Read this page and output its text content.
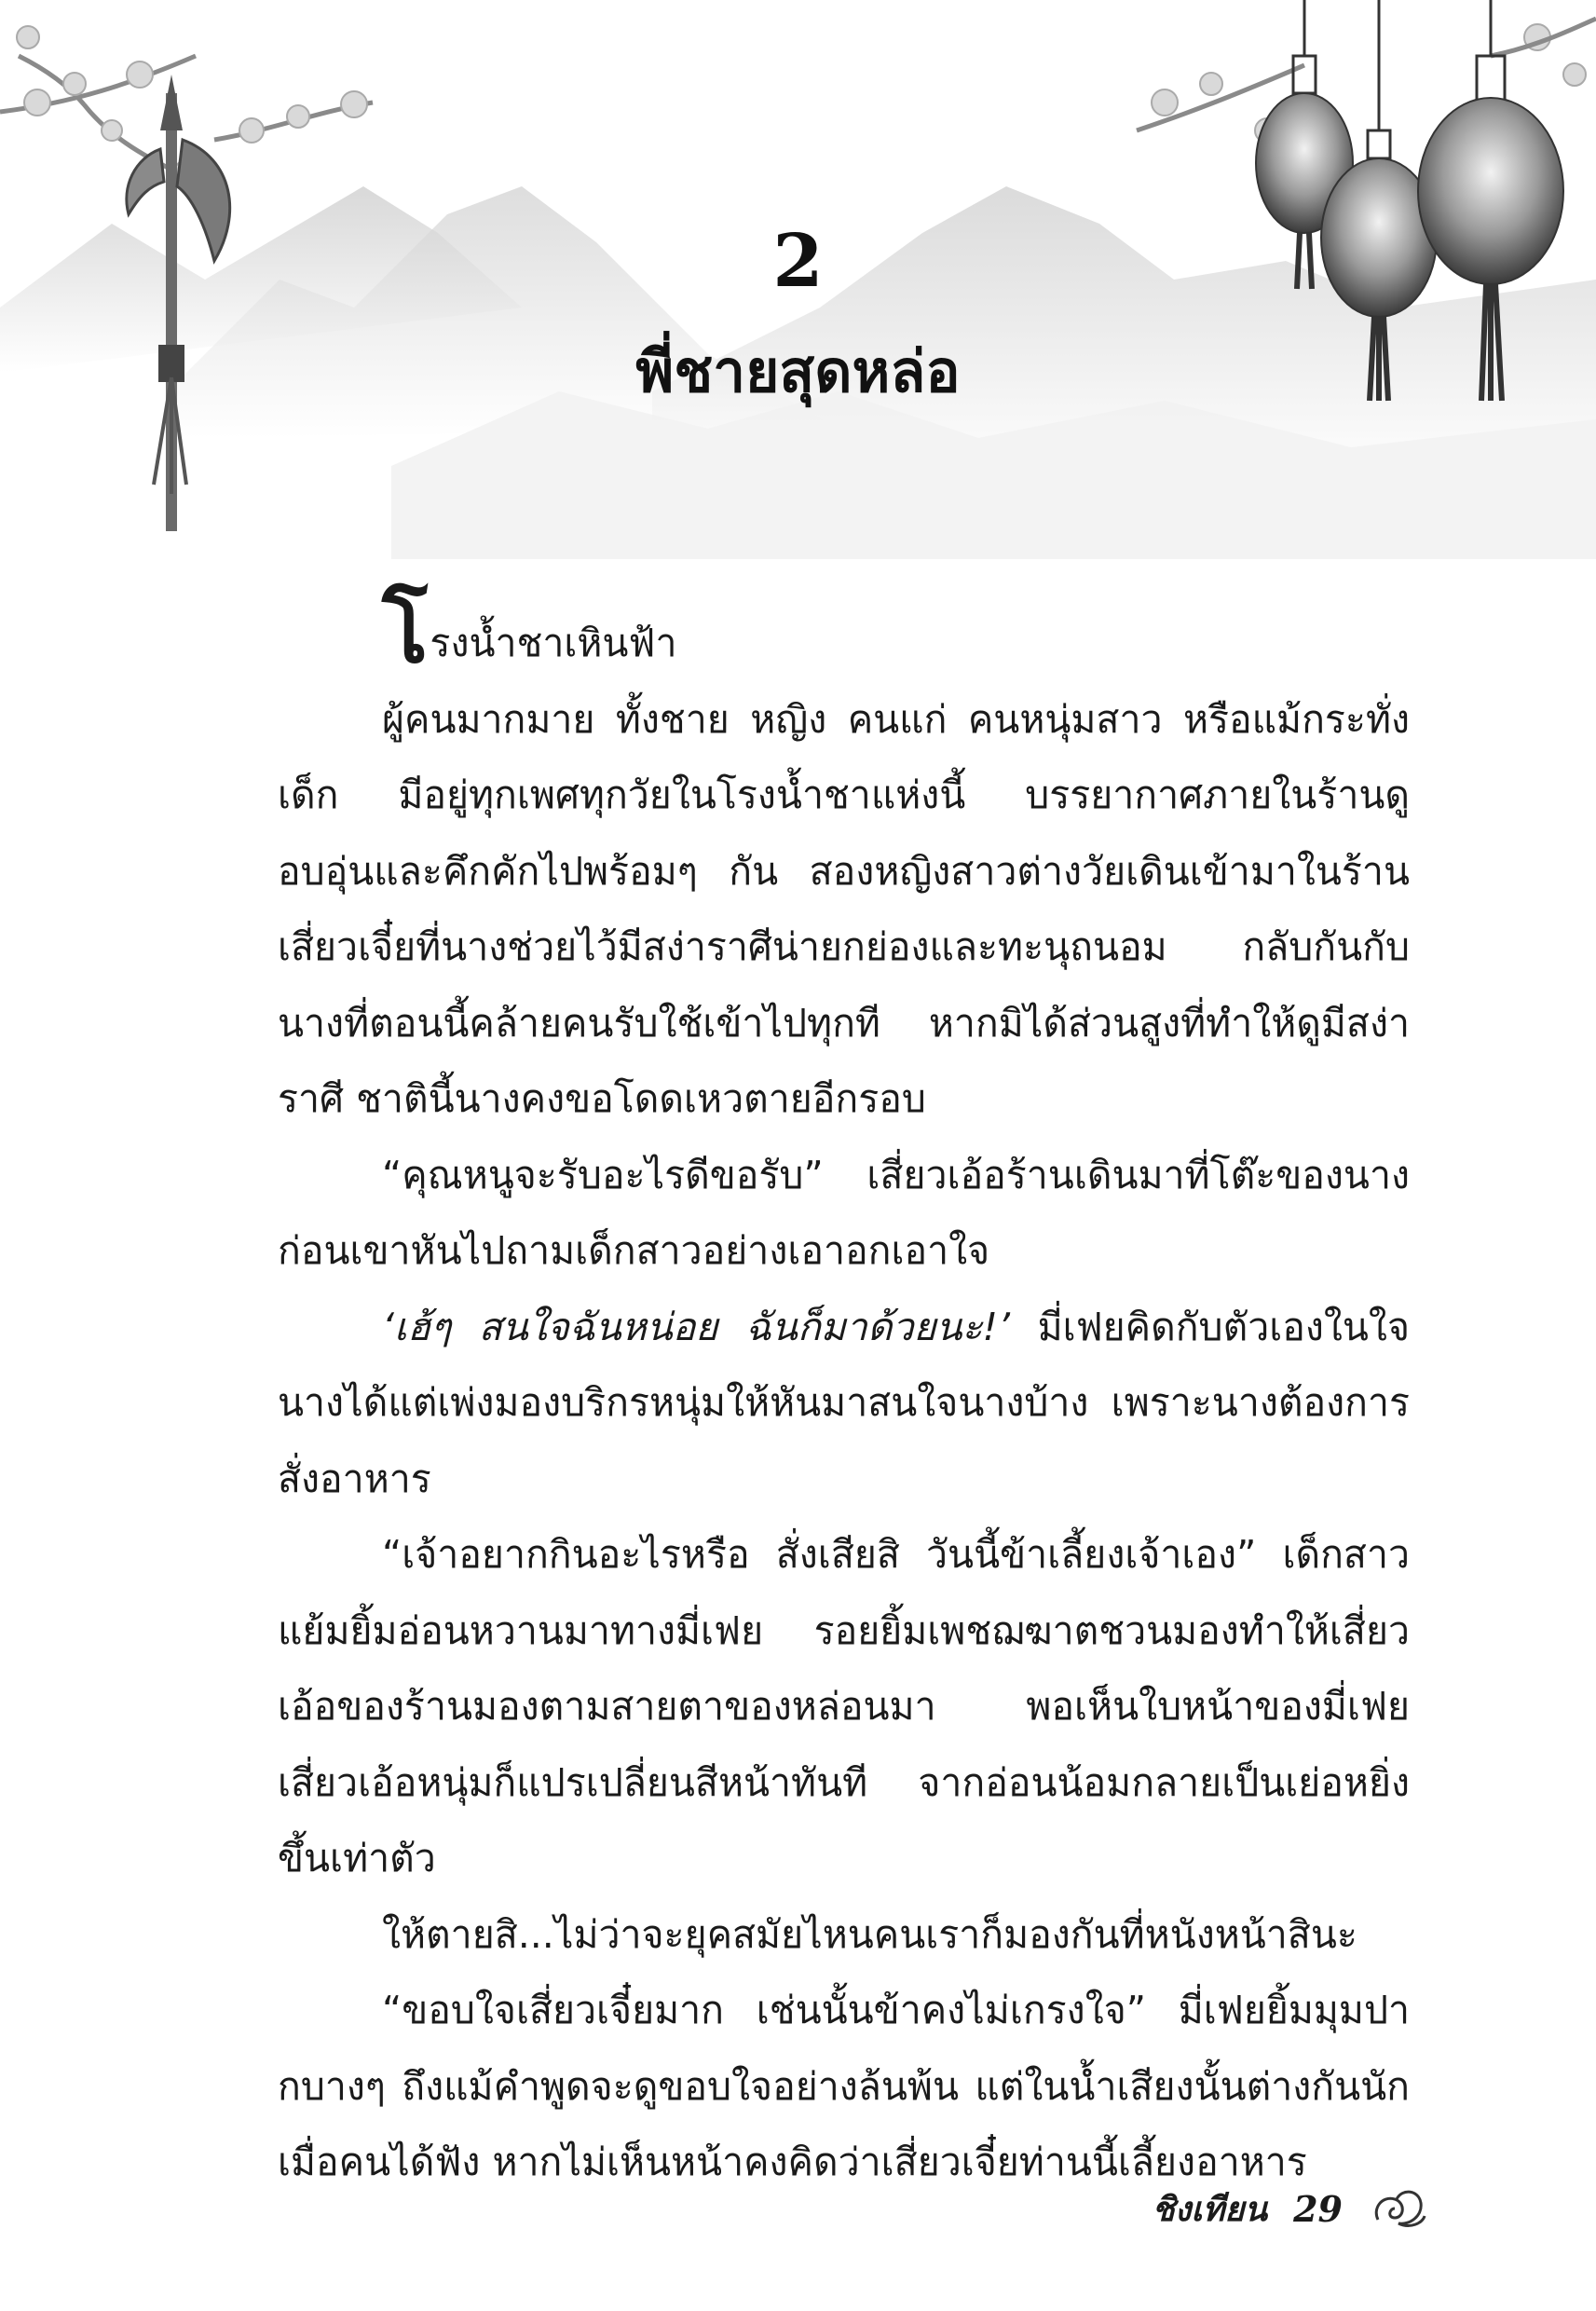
2
พี่ชายสุดหล่อ

โรงน้ำชาเหินฟ้า

ผู้คนมากมาย ทั้งชาย หญิง คนแก่ คนหนุ่มสาว หรือแม้กระทั่งเด็ก มีอยู่ทุกเพศทุกวัยในโรงน้ำชาแห่งนี้ บรรยากาศภายในร้านดูอบอุ่นและคึกคักไปพร้อมๆ กัน สองหญิงสาวต่างวัยเดินเข้ามาในร้าน เสี่ยวเจี๋ยที่นางช่วยไว้มีสง่าราศีน่ายกย่องและทะนุถนอม กลับกันกับนางที่ตอนนี้คล้ายคนรับใช้เข้าไปทุกที หากมิได้ส่วนสูงที่ทำให้ดูมีสง่าราศี ชาตินี้นางคงขอโดดเหวตายอีกรอบ

“คุณหนูจะรับอะไรดีขอรับ” เสี่ยวเอ้อร้านเดินมาที่โต๊ะของนางก่อนเขาหันไปถามเด็กสาวอย่างเอาอกเอาใจ

‘เฮ้ๆ สนใจฉันหน่อย ฉันก็มาด้วยนะ!’ มี่เฟยคิดกับตัวเองในใจนางได้แต่เพ่งมองบริกรหนุ่มให้หันมาสนใจนางบ้าง เพราะนางต้องการสั่งอาหาร

“เจ้าอยากกินอะไรหรือ สั่งเสียสิ วันนี้ข้าเลี้ยงเจ้าเอง” เด็กสาวแย้มยิ้มอ่อนหวานมาทางมี่เฟย รอยยิ้มเพชฌฆาตชวนมองทำให้เสี่ยวเอ้อของร้านมองตามสายตาของหล่อนมา พอเห็นใบหน้าของมี่เฟยเสี่ยวเอ้อหนุ่มก็แปรเปลี่ยนสีหน้าทันที จากอ่อนน้อมกลายเป็นเย่อหยิ่งขึ้นเท่าตัว

ให้ตายสิ...ไม่ว่าจะยุคสมัยไหนคนเราก็มองกันที่หนังหน้าสินะ

“ขอบใจเสี่ยวเจี๋ยมาก เช่นนั้นข้าคงไม่เกรงใจ” มี่เฟยยิ้มมุมปากบางๆ ถึงแม้คำพูดจะดูขอบใจอย่างล้นพ้น แต่ในน้ำเสียงนั้นต่างกันนักเมื่อคนได้ฟัง หากไม่เห็นหน้าคงคิดว่าเสี่ยวเจี๋ยท่านนี้เลี้ยงอาหาร

ชิงเทียน 29
